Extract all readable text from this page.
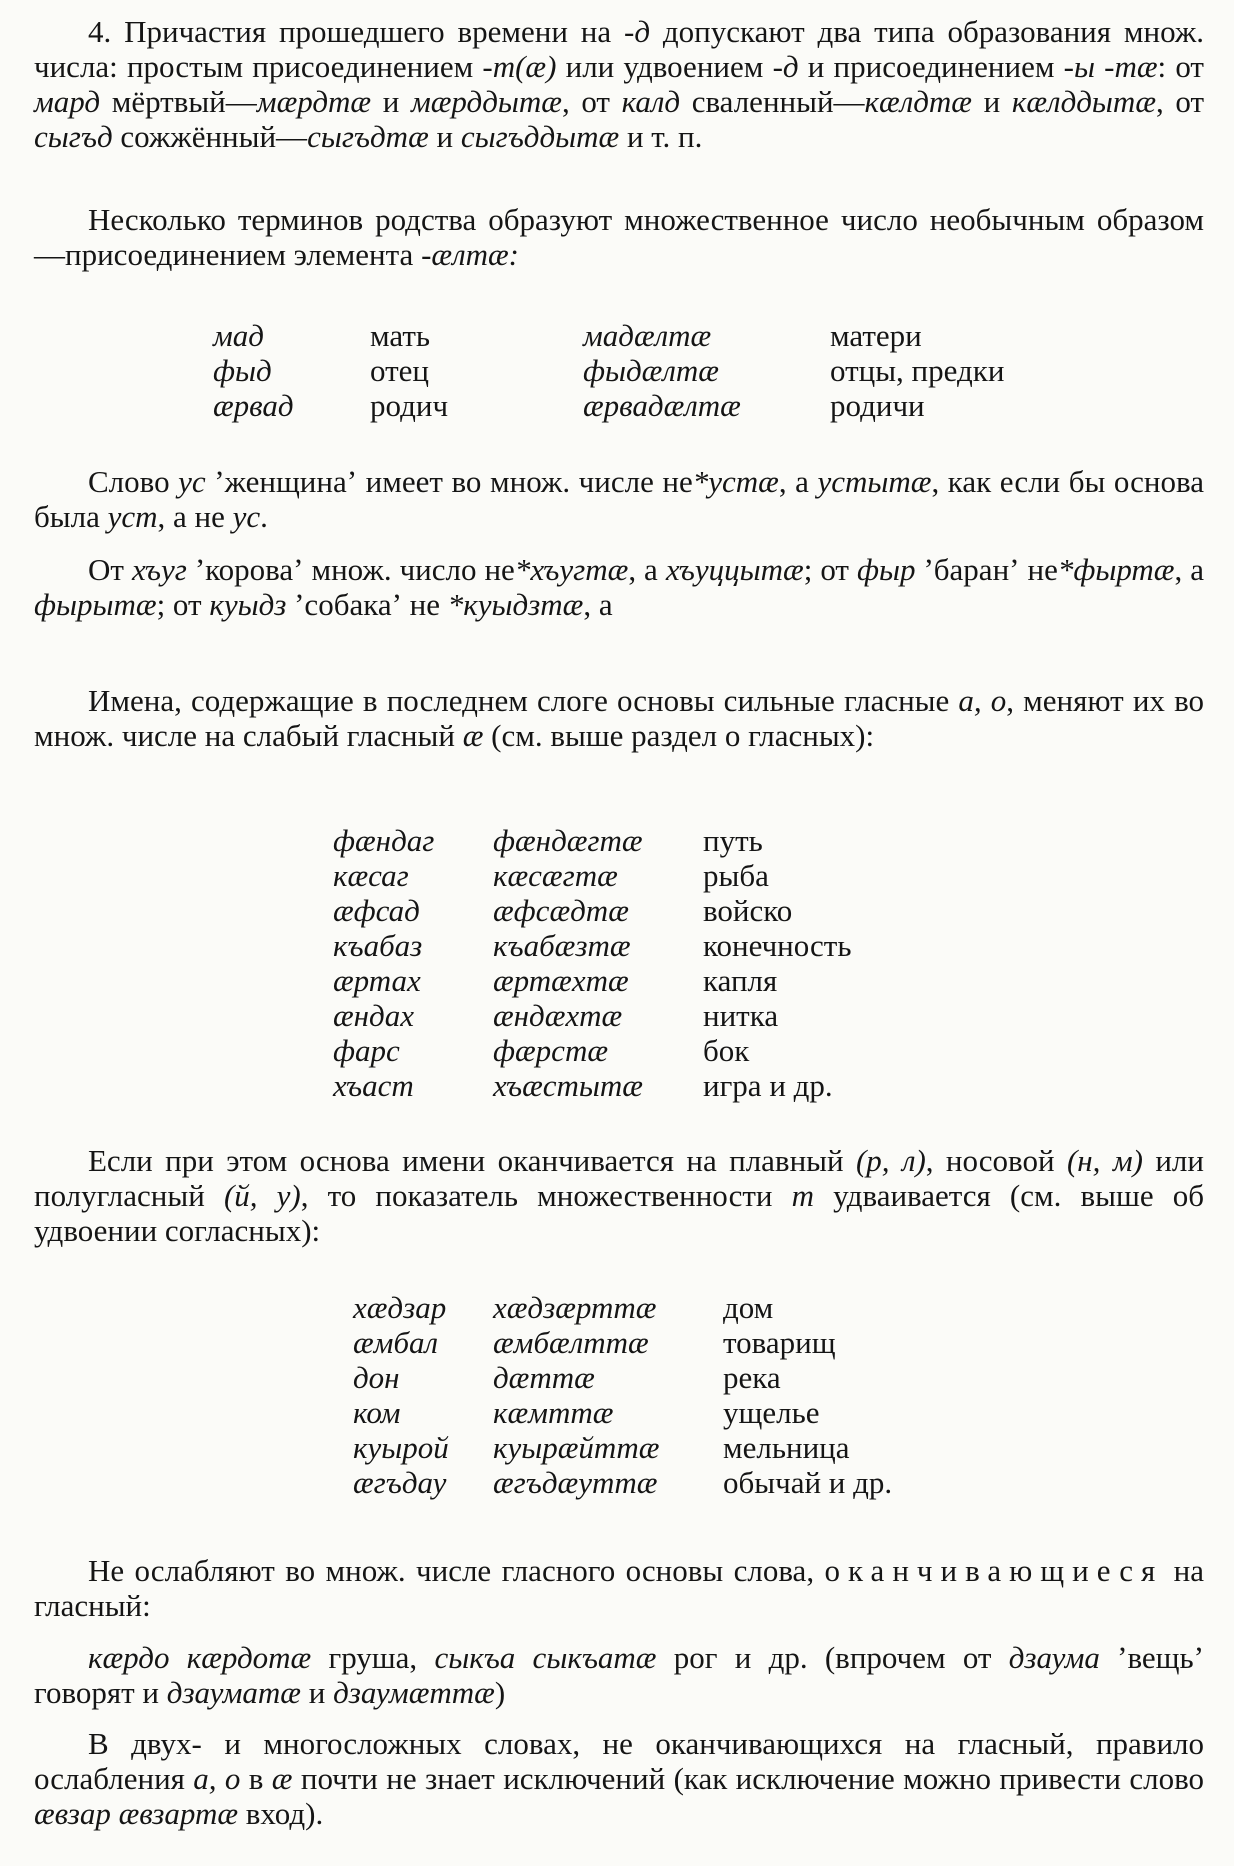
4. Причастия прошедшего времени на -д допускают два типа образования множ. числа: простым присоединением -т(æ) или удвоением -д и присоединением -ы -тæ: от мард мёртвый—мæрдтæ и мæрддытæ, от калд сваленный—кæлдтæ и кæлддытæ, от сыгъд сожжённый—сыгъдтæ и сыгъддытæ и т. п.

Несколько терминов родства образуют множественное число необычным образом—присоединением элемента -æлтæ:

мад	мать	мадæлтæ	матери
фыд	отец	фыдæлтæ	отцы, предки
æрвад	родич	æрвадæлтæ	родичи

Слово ус ʼженщинаʼ имеет во множ. числе не*устæ, а устытæ, как если бы основа была уст, а не ус.

От хъуг ʼкороваʼ множ. число не*хъугтæ, а хъуццытæ; от фыр ʼбаранʼ не*фыртæ, а фырытæ; от куыдз ʼсобакаʼ не *куыдзтæ, а

Имена, содержащие в последнем слоге основы сильные гласные а, о, меняют их во множ. числе на слабый гласный æ (см. выше раздел о гласных):

фæндаг	фæндæгтæ	путь
кæсаг	кæсæгтæ	рыба
æфсад	æфсæдтæ	войско
къабаз	къабæзтæ	конечность
æртах	æртæхтæ	капля
æндах	æндæхтæ	нитка
фарс	фæрстæ	бок
хъаст	хъæстытæ	игра и др.

Если при этом основа имени оканчивается на плавный (р, л), носовой (н, м) или полугласный (й, у), то показатель множественности т удваивается (см. выше об удвоении согласных):

хæдзар	хæдзæрттæ	дом
æмбал	æмбæлттæ	товарищ
дон	дæттæ	река
ком	кæмттæ	ущелье
куырой	куырæйттæ	мельница
æгъдау	æгъдæуттæ	обычай и др.

Не ослабляют во множ. числе гласного основы слова, оканчивающиеся на гласный:

кæрдо кæрдотæ груша, сыкъа сыкъатæ рог и др. (впрочем от дзаума ʼвещьʼ говорят и дзауматæ и дзаумæттæ)

В двух- и многосложных словах, не оканчивающихся на гласный, правило ослабления а, о в æ почти не знает исключений (как исключение можно привести слово æвзар æвзартæ вход).
